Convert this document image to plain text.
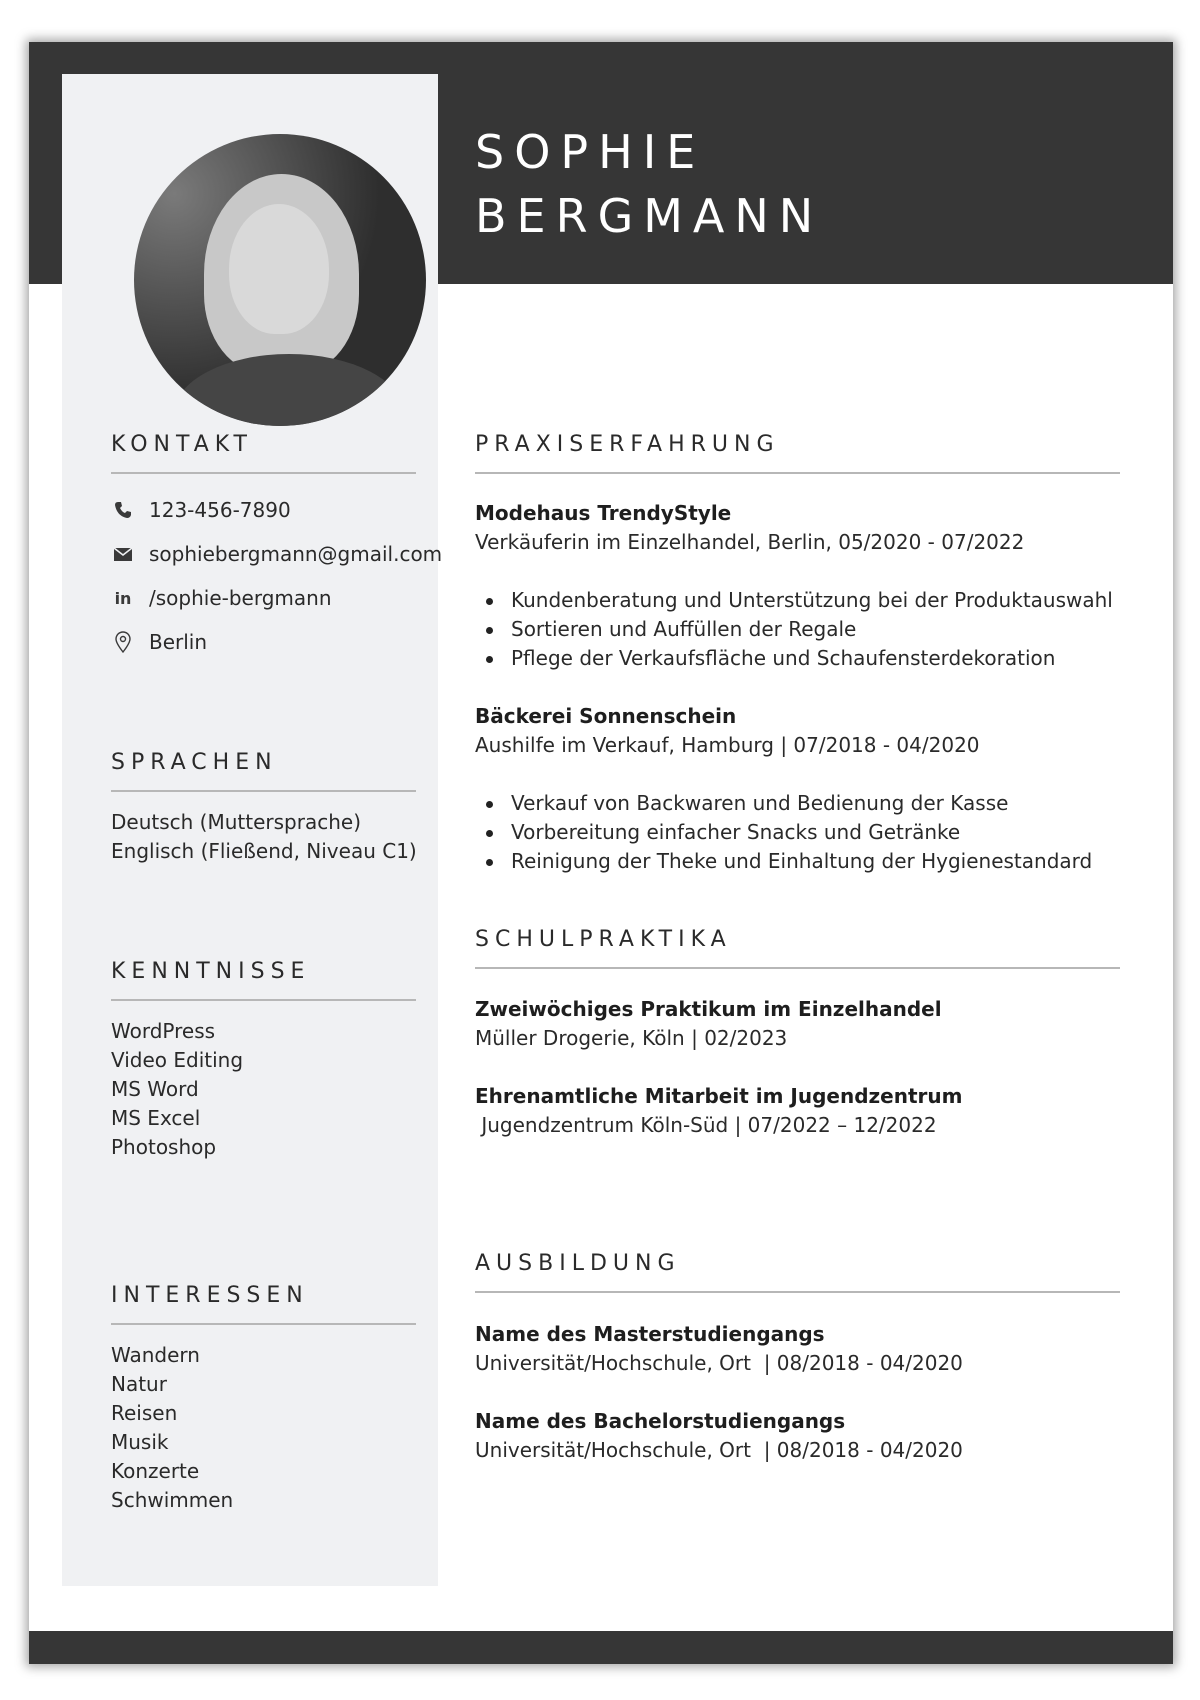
KONTAKT
123-456-7890
sophiebergmann@gmail.com
in /sophie-bergmann
Berlin
SPRACHEN
Deutsch (Muttersprache)
Englisch (Fließend, Niveau C1)
KENNTNISSE
WordPress
Video Editing
MS Word
MS Excel
Photoshop
INTERESSEN
Wandern
Natur
Reisen
Musik
Konzerte
Schwimmen
SOPHIE
BERGMANN
PRAXISERFAHRUNG
Modehaus TrendyStyle
Verkäuferin im Einzelhandel, Berlin, 05/2020 - 07/2022
Kundenberatung und Unterstützung bei der Produktauswahl
Sortieren und Auffüllen der Regale
Pflege der Verkaufsfläche und Schaufensterdekoration
Bäckerei Sonnenschein
Aushilfe im Verkauf, Hamburg | 07/2018 - 04/2020
Verkauf von Backwaren und Bedienung der Kasse
Vorbereitung einfacher Snacks und Getränke
Reinigung der Theke und Einhaltung der Hygienestandard
SCHULPRAKTIKA
Zweiwöchiges Praktikum im Einzelhandel
Müller Drogerie, Köln | 02/2023
Ehrenamtliche Mitarbeit im Jugendzentrum
Jugendzentrum Köln-Süd | 07/2022 – 12/2022
AUSBILDUNG
Name des Masterstudiengangs
Universität/Hochschule, Ort  | 08/2018 - 04/2020
Name des Bachelorstudiengangs
Universität/Hochschule, Ort  | 08/2018 - 04/2020
